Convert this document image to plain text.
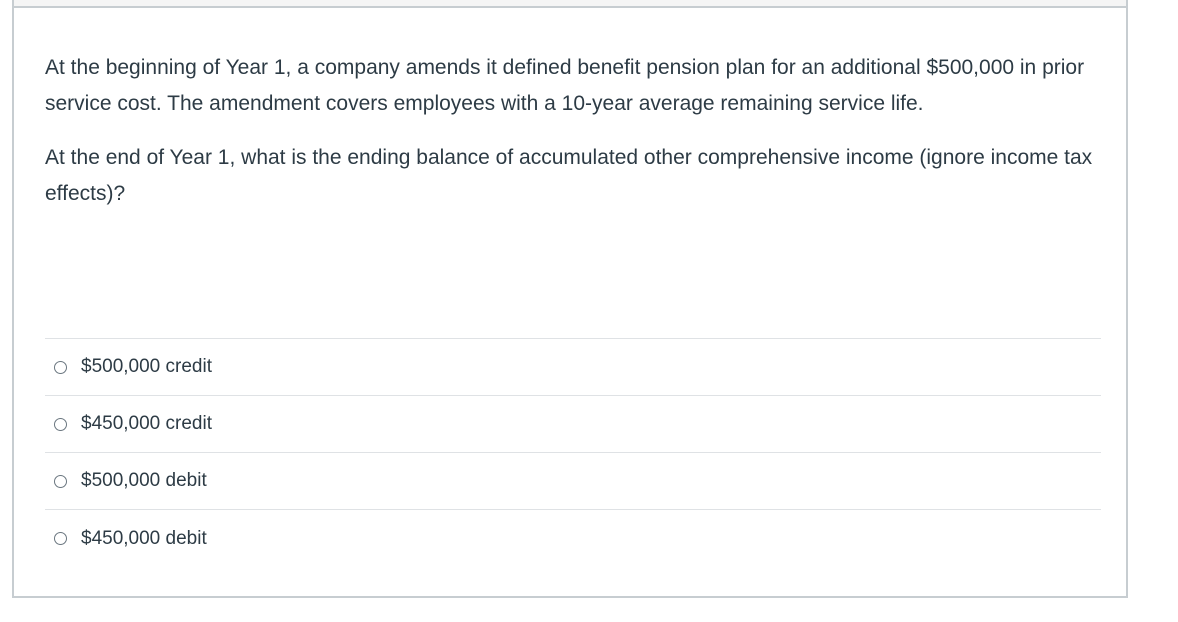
At the beginning of Year 1, a company amends it defined benefit pension plan for an additional $500,000 in prior service cost. The amendment covers employees with a 10-year average remaining service life.

At the end of Year 1, what is the ending balance of accumulated other comprehensive income (ignore income tax effects)?

$500,000 credit
$450,000 credit
$500,000 debit
$450,000 debit
